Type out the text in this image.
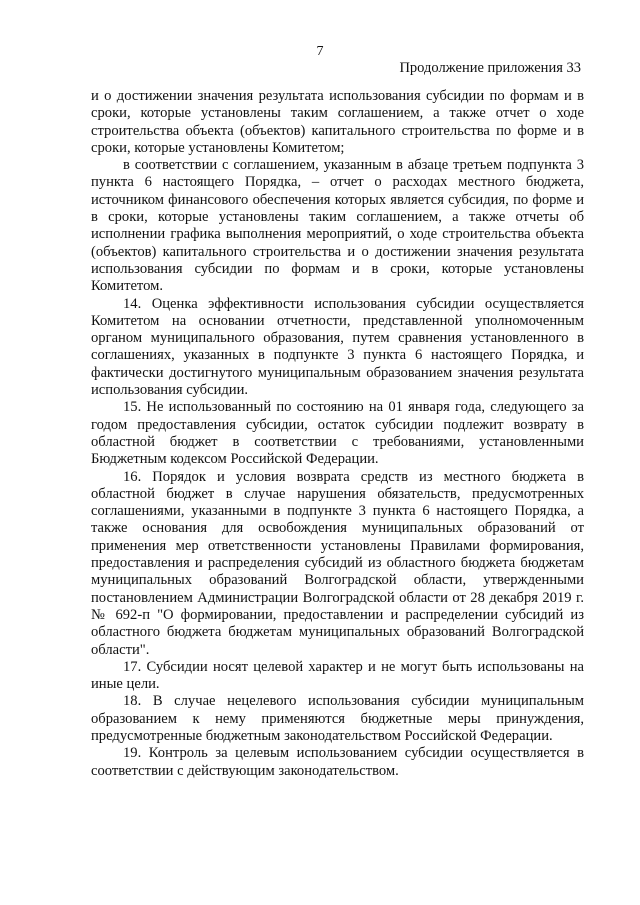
7
Продолжение приложения 33

и о достижении значения результата использования субсидии по формам и в сроки, которые установлены таким соглашением, а также отчет о ходе строительства объекта (объектов) капитального строительства по форме и в сроки, которые установлены Комитетом;

в соответствии с соглашением, указанным в абзаце третьем подпункта 3 пункта 6 настоящего Порядка, – отчет о расходах местного бюджета, источником финансового обеспечения которых является субсидия, по форме и в сроки, которые установлены таким соглашением, а также отчеты об исполнении графика выполнения мероприятий, о ходе строительства объекта (объектов) капитального строительства и о достижении значения результата использования субсидии по формам и в сроки, которые установлены Комитетом.

14. Оценка эффективности использования субсидии осуществляется Комитетом на основании отчетности, представленной уполномоченным органом муниципального образования, путем сравнения установленного в соглашениях, указанных в подпункте 3 пункта 6 настоящего Порядка, и фактически достигнутого муниципальным образованием значения результата использования субсидии.

15. Не использованный по состоянию на 01 января года, следующего за годом предоставления субсидии, остаток субсидии подлежит возврату в областной бюджет в соответствии с требованиями, установленными Бюджетным кодексом Российской Федерации.

16. Порядок и условия возврата средств из местного бюджета в областной бюджет в случае нарушения обязательств, предусмотренных соглашениями, указанными в подпункте 3 пункта 6 настоящего Порядка, а также основания для освобождения муниципальных образований от применения мер ответственности установлены Правилами формирования, предоставления и распределения субсидий из областного бюджета бюджетам муниципальных образований Волгоградской области, утвержденными постановлением Администрации Волгоградской области от 28 декабря 2019 г. № 692-п "О формировании, предоставлении и распределении субсидий из областного бюджета бюджетам муниципальных образований Волгоградской области".

17. Субсидии носят целевой характер и не могут быть использованы на иные цели.

18. В случае нецелевого использования субсидии муниципальным образованием к нему применяются бюджетные меры принуждения, предусмотренные бюджетным законодательством Российской Федерации.

19. Контроль за целевым использованием субсидии осуществляется в соответствии с действующим законодательством.
